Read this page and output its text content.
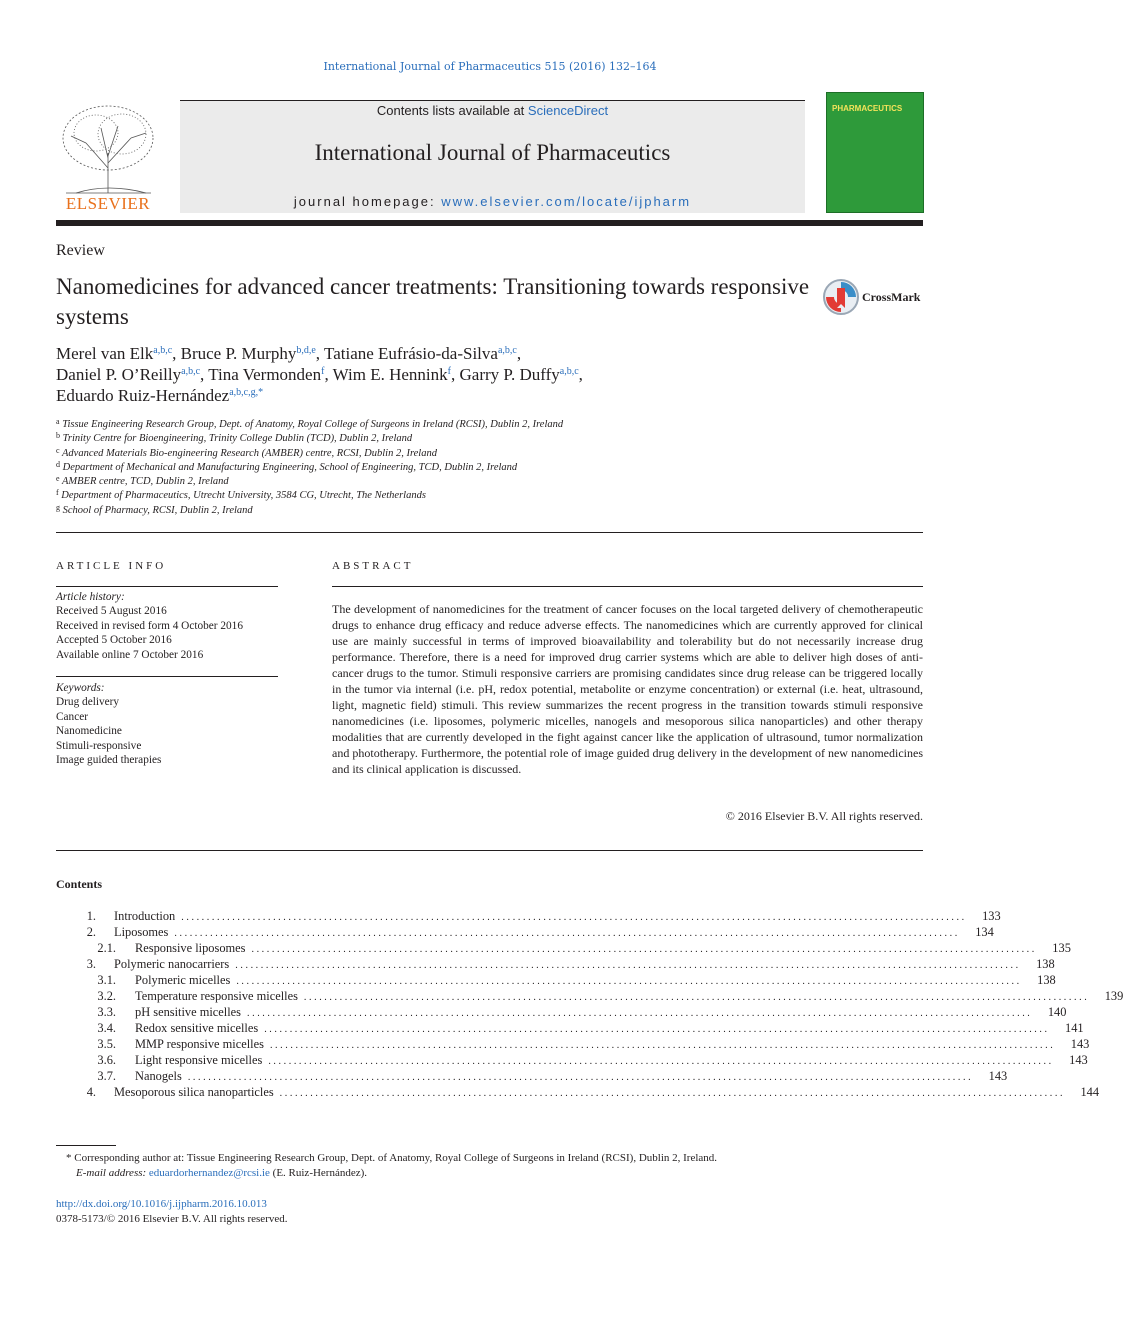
International Journal of Pharmaceutics 515 (2016) 132–164
ELSEVIER
Contents lists available at ScienceDirect
International Journal of Pharmaceutics
journal homepage: www.elsevier.com/locate/ijpharm
PHARMACEUTICS
Review
Nanomedicines for advanced cancer treatments: Transitioning towards responsive systems
CrossMark
Merel van Elk$^{a,b,c}$, Bruce P. Murphy$^{b,d,e}$, Tatiane Eufrásio-da-Silva$^{a,b,c}$,
Daniel P. O’Reilly$^{a,b,c}$, Tina Vermonden$^f$, Wim E. Hennink$^f$, Garry P. Duffy$^{a,b,c}$,
Eduardo Ruiz-Hernández$^{a,b,c,g,*}$
$^a$ Tissue Engineering Research Group, Dept. of Anatomy, Royal College of Surgeons in Ireland (RCSI), Dublin 2, Ireland
$^b$ Trinity Centre for Bioengineering, Trinity College Dublin (TCD), Dublin 2, Ireland
$^c$ Advanced Materials Bio-engineering Research (AMBER) centre, RCSI, Dublin 2, Ireland
$^d$ Department of Mechanical and Manufacturing Engineering, School of Engineering, TCD, Dublin 2, Ireland
$^e$ AMBER centre, TCD, Dublin 2, Ireland
$^f$ Department of Pharmaceutics, Utrecht University, 3584 CG, Utrecht, The Netherlands
$^g$ School of Pharmacy, RCSI, Dublin 2, Ireland
ARTICLE INFO
Article history:
Received 5 August 2016
Received in revised form 4 October 2016
Accepted 5 October 2016
Available online 7 October 2016
Keywords:
Drug delivery
Cancer
Nanomedicine
Stimuli-responsive
Image guided therapies
ABSTRACT
The development of nanomedicines for the treatment of cancer focuses on the local targeted delivery of chemotherapeutic drugs to enhance drug efficacy and reduce adverse effects. The nanomedicines which are currently approved for clinical use are mainly successful in terms of improved bioavailability and tolerability but do not necessarily increase drug performance. Therefore, there is a need for improved drug carrier systems which are able to deliver high doses of anti-cancer drugs to the tumor. Stimuli responsive carriers are promising candidates since drug release can be triggered locally in the tumor via internal (i.e. pH, redox potential, metabolite or enzyme concentration) or external (i.e. heat, ultrasound, light, magnetic field) stimuli. This review summarizes the recent progress in the transition towards stimuli responsive nanomedicines (i.e. liposomes, polymeric micelles, nanogels and mesoporous silica nanoparticles) and other therapy modalities that are currently developed in the fight against cancer like the application of ultrasound, tumor normalization and phototherapy. Furthermore, the potential role of image guided drug delivery in the development of new nanomedicines and its clinical application is discussed.
© 2016 Elsevier B.V. All rights reserved.
Contents
1.	Introduction ..........................................................................................................................................................	133
2.	Liposomes ..........................................................................................................................................................	134
2.1.	Responsive liposomes ..........................................................................................................................................................	135
3.	Polymeric nanocarriers ..........................................................................................................................................................	138
3.1.	Polymeric micelles ..........................................................................................................................................................	138
3.2.	Temperature responsive micelles ..........................................................................................................................................................	139
3.3.	pH sensitive micelles ..........................................................................................................................................................	140
3.4.	Redox sensitive micelles ..........................................................................................................................................................	141
3.5.	MMP responsive micelles ..........................................................................................................................................................	143
3.6.	Light responsive micelles ..........................................................................................................................................................	143
3.7.	Nanogels ..........................................................................................................................................................	143
4.	Mesoporous silica nanoparticles ..........................................................................................................................................................	144
* Corresponding author at: Tissue Engineering Research Group, Dept. of Anatomy, Royal College of Surgeons in Ireland (RCSI), Dublin 2, Ireland.
E-mail address: eduardorhernandez@rcsi.ie (E. Ruiz-Hernández).
http://dx.doi.org/10.1016/j.ijpharm.2016.10.013
0378-5173/© 2016 Elsevier B.V. All rights reserved.
